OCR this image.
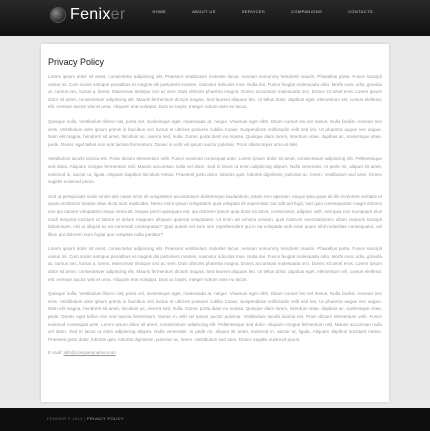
Fenixer	HOME	ABOUT US	SERVICES	COMPANIONS	CONTACTS
Privacy Policy

Lorem ipsum dolor sit amet, consectetur adipiscing elit. Praesent vestibulum molestie lacus. Aenean nonummy hendrerit mauris. Phasellus porta. Fusce suscipit varius mi. Cum sociis natoque penatibus et magnis dis parturient montes, nascetur ridiculus mus. Nulla dui. Fusce feugiat malesuada odio. Morbi nunc odio, gravida at, cursus nec, luctus a, lorem. Maecenas tristique orci ac sem. Duis ultricies pharetra magna. Donec accumsan malesuada orci. Donec sit amet eros. Lorem ipsum dolor sit amet, consectetuer adipiscing elit. Mauris fermentum dictum magna. Sed laoreet aliquam leo. Ut tellus dolor, dapibus eget, elementum vel, cursus eleifend, elit. Aenean auctor wisi et urna. Aliquam erat volutpat. Duis ac turpis. Integer rutrum ante eu lacus.

Quisque nulla. Vestibulum libero nisl, porta vel, scelerisque eget, malesuada at, neque. Vivamus eget nibh. Etiam cursus leo vel metus. Nulla facilisi. Aenean nec eros. Vestibulum ante ipsum primis in faucibus orci luctus et ultrices posuere cubilia Curae; Suspendisse sollicitudin velit sed leo. Ut pharetra augue nec augue. Nam elit magna, hendrerit sit amet, tincidunt ac, viverra sed, nulla. Donec porta diam eu massa. Quisque diam lorem, interdum vitae, dapibus ac, scelerisque vitae, pede. Donec eget tellus non erat lacinia fermentum. Donec in velit vel ipsum auctor pulvinar. Proin ullamcorper urna et felis.

Vestibulum iaculis lacinia est. Proin dictum elementum velit. Fusce euismod consequat ante. Lorem ipsum dolor sit amet, consectetuer adipiscing elit. Pellentesque sed dolor. Aliquam congue fermentum nisl. Mauris accumsan nulla vel diam. Sed in lacus ut enim adipiscing aliquet. Nulla venenatis. In pede mi, aliquet sit amet, euismod in, auctor ut, ligula. Aliquam dapibus tincidunt metus. Praesent justo dolor, lobortis quis, lobortis dignissim, pulvinar ac, lorem. Vestibulum sed ante. Donec sagittis euismod purus.

Sed ut perspiciatis unde omnis iste natus error sit voluptatem accusantium doloremque laudantium, totam rem aperiam, eaque ipsa quae ab illo inventore veritatis et quasi architecto beatae vitae dicta sunt explicabo. Nemo enim ipsam voluptatem quia voluptas sit aspernatur aut odit aut fugit, sed quia consequuntur magni dolores eos qui ratione voluptatem sequi nesciunt. Neque porro quisquam est, qui dolorem ipsum quia dolor sit amet, consectetur, adipisci velit, sed quia non numquam eius modi tempora incidunt ut labore et dolore magnam aliquam quaerat voluptatem. Ut enim ad minima veniam, quis nostrum exercitationem ullam corporis suscipit laboriosam, nisi ut aliquid ex ea commodi consequatur? Quis autem vel eum iure reprehenderit qui in ea voluptate velit esse quam nihil molestiae consequatur, vel illum qui dolorem eum fugiat quo voluptas nulla pariatur?

Lorem ipsum dolor sit amet, consectetur adipiscing elit. Praesent vestibulum molestie lacus. Aenean nonummy hendrerit mauris. Phasellus porta. Fusce suscipit varius mi. Cum sociis natoque penatibus et magnis dis parturient montes, nascetur ridiculus mus. Nulla dui. Fusce feugiat malesuada odio. Morbi nunc odio, gravida at, cursus nec, luctus a, lorem. Maecenas tristique orci ac sem. Duis ultricies pharetra magna. Donec accumsan malesuada orci. Donec sit amet eros. Lorem ipsum dolor sit amet, consectetuer adipiscing elit. Mauris fermentum dictum magna. Sed laoreet aliquam leo. Ut tellus dolor, dapibus eget, elementum vel, cursus eleifend, elit. Aenean auctor wisi et urna. Aliquam erat volutpat. Duis ac turpis. Integer rutrum ante eu lacus.

Quisque nulla. Vestibulum libero nisl, porta vel, scelerisque eget, malesuada at, neque. Vivamus eget nibh. Etiam cursus leo vel metus. Nulla facilisi. Aenean nec eros. Vestibulum ante ipsum primis in faucibus orci luctus et ultrices posuere cubilia Curae; Suspendisse sollicitudin velit sed leo. Ut pharetra augue nec augue. Nam elit magna, hendrerit sit amet, tincidunt ac, viverra sed, nulla. Donec porta diam eu massa. Quisque diam lorem, interdum vitae, dapibus ac, scelerisque vitae, pede. Donec eget tellus non erat lacinia fermentum. Donec in velit vel ipsum auctor pulvinar. Vestibulum iaculis lacinia est. Proin dictum elementum velit. Fusce euismod consequat ante. Lorem ipsum dolor sit amet, consectetuer adipiscing elit. Pellentesque sed dolor. Aliquam congue fermentum nisl. Mauris accumsan nulla vel diam. Sed in lacus ut enim adipiscing aliquet. Nulla venenatis. In pede mi, aliquet sit amet, euismod in, auctor ut, ligula. Aliquam dapibus tincidunt metus. Praesent justo dolor, lobortis quis, lobortis dignissim, pulvinar ac, lorem. Vestibulum sed ante. Donec sagittis euismod purus.

E-mail: info@companyname.com
FENIXER © 2013 | PRIVACY POLICY
